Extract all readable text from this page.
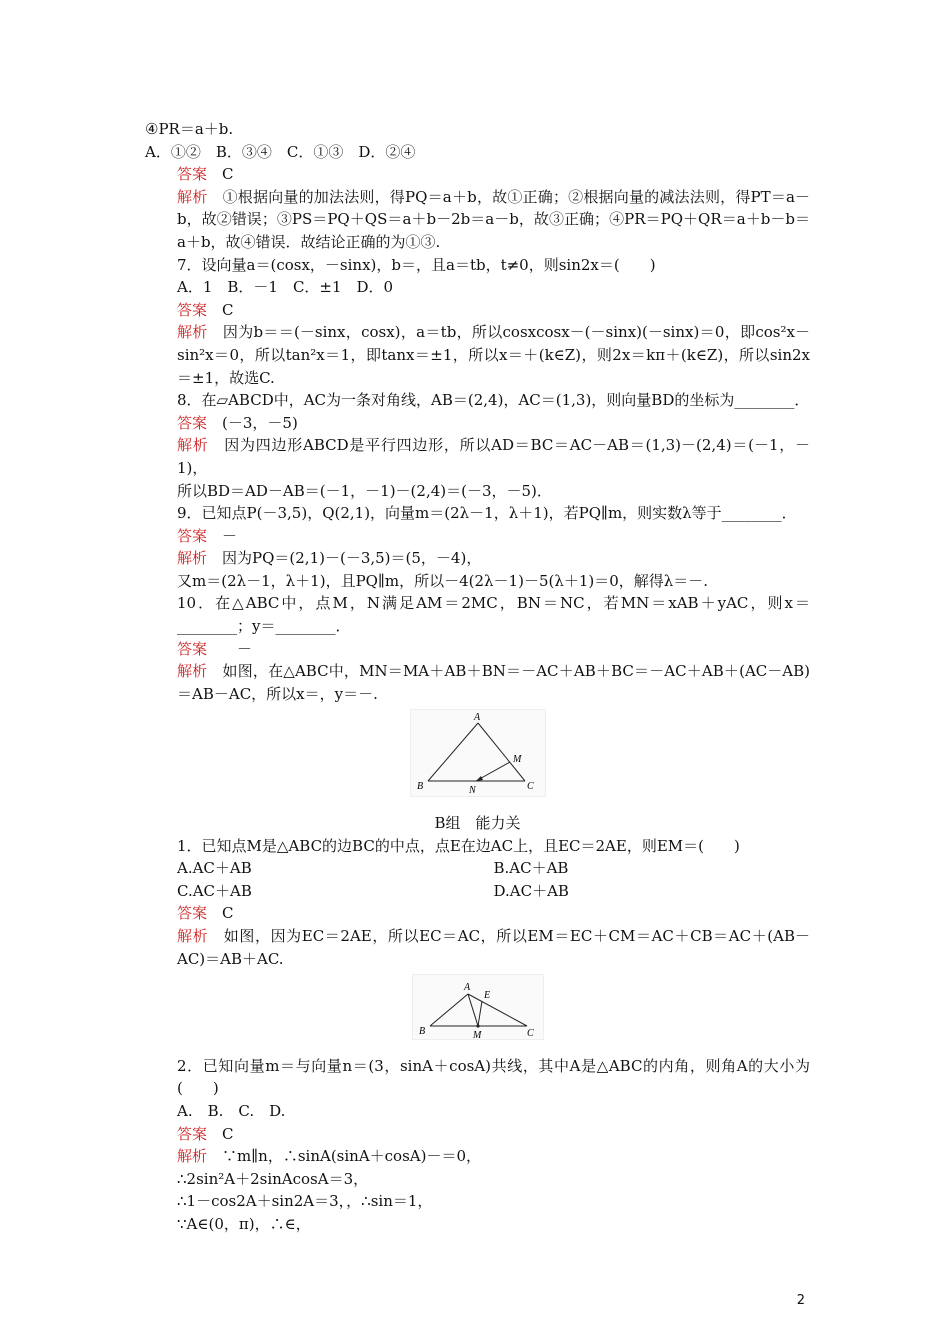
④PR＝a＋b.
A．①②　B．③④　C．①③　D．②④
答案　C
解析　①根据向量的加法法则，得PQ＝a＋b，故①正确；②根据向量的减法法则，得PT＝a－b，故②错误；③PS＝PQ＋QS＝a＋b－2b＝a－b，故③正确；④PR＝PQ＋QR＝a＋b－b＝a＋b，故④错误．故结论正确的为①③.
7．设向量a＝(cosx，－sinx)，b＝，且a＝tb，t≠0，则sin2x＝(　　)
A．1　B．－1　C．±1　D．0
答案　C
解析　因为b＝＝(－sinx，cosx)，a＝tb，所以cosxcosx－(－sinx)(－sinx)＝0，即cos²x－sin²x＝0，所以tan²x＝1，即tanx＝±1，所以x＝＋(k∈Z)，则2x＝kπ＋(k∈Z)，所以sin2x＝±1，故选C.
8．在▱ABCD中，AC为一条对角线，AB＝(2,4)，AC＝(1,3)，则向量BD的坐标为________．
答案　(－3，－5)
解析　因为四边形ABCD是平行四边形，所以AD＝BC＝AC－AB＝(1,3)－(2,4)＝(－1，－1)，
所以BD＝AD－AB＝(－1，－1)－(2,4)＝(－3，－5)．
9．已知点P(－3,5)，Q(2,1)，向量m＝(2λ－1，λ＋1)，若PQ∥m，则实数λ等于________．
答案　－
解析　因为PQ＝(2,1)－(－3,5)＝(5，－4)，
又m＝(2λ－1，λ＋1)，且PQ∥m，所以－4(2λ－1)－5(λ＋1)＝0，解得λ＝－.
10．在△ABC中，点M，N满足AM＝2MC，BN＝NC，若MN＝xAB＋yAC，则x＝________；y＝________．
答案　　－
解析　如图，在△ABC中，MN＝MA＋AB＋BN＝－AC＋AB＋BC＝－AC＋AB＋(AC－AB)＝AB－AC，所以x＝，y＝－.
A
B	C
M
N
B组　能力关
1．已知点M是△ABC的边BC的中点，点E在边AC上，且EC＝2AE，则EM＝(　　)
A.AC＋AB	B.AC＋AB
C.AC＋AB	D.AC＋AB
答案　C
解析　如图，因为EC＝2AE，所以EC＝AC，所以EM＝EC＋CM＝AC＋CB＝AC＋(AB－AC)＝AB＋AC.
A
E
B	C
M
2．已知向量m＝与向量n＝(3，sinA＋cosA)共线，其中A是△ABC的内角，则角A的大小为(　　)
A.　B.　C.　D.
答案　C
解析　∵m∥n，∴sinA(sinA＋cosA)－＝0，
∴2sin²A＋2sinAcosA＝3，
∴1－cos2A＋sin2A＝3，，∴sin＝1，
∵A∈(0，π)，∴∈，
2
